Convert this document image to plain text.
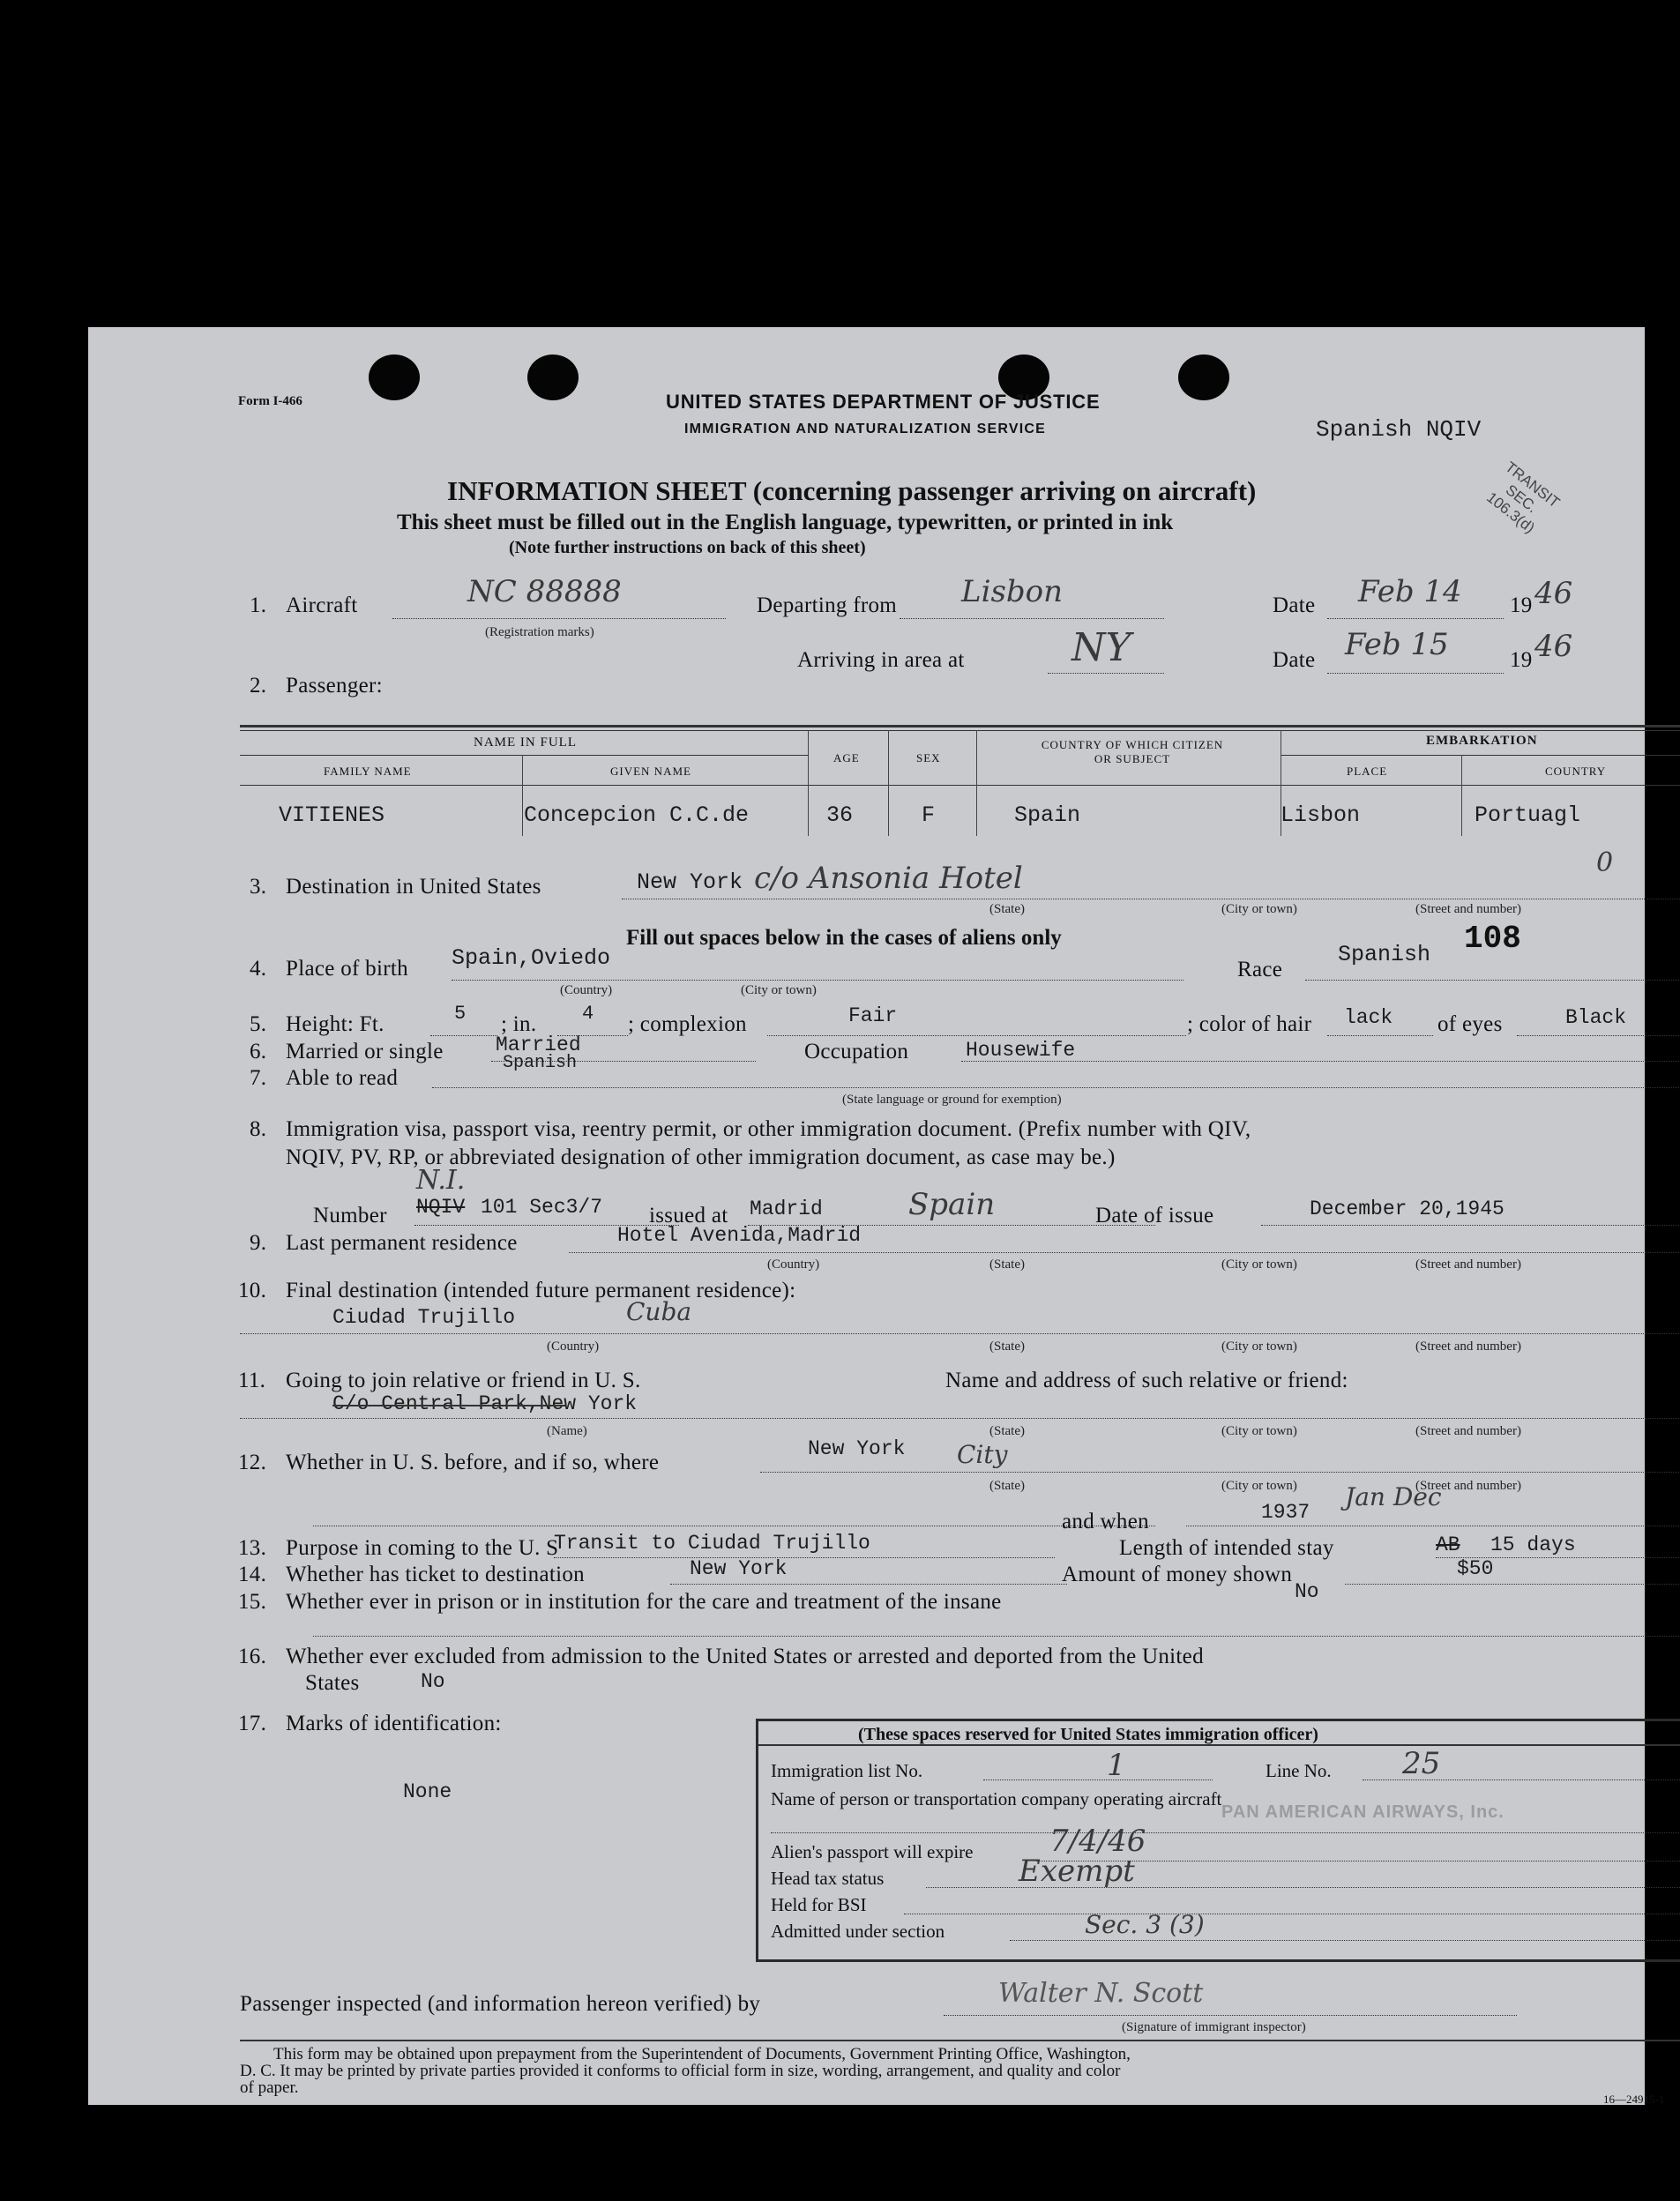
Form I-466	UNITED STATES DEPARTMENT OF JUSTICE
IMMIGRATION AND NATURALIZATION SERVICE	Spanish NQIV
TRANSIT SEC. 106.3(d)
INFORMATION SHEET (concerning passenger arriving on aircraft)
This sheet must be filled out in the English language, typewritten, or printed in ink
(Note further instructions on back of this sheet)
1. Aircraft	NC 88888
(Registration marks)
Departing from Lisbon	Date Feb 14 19 46
Arriving in area at	NY	Date Feb 15	19 46
2. Passenger:
NAME IN FULL
FAMILY NAME	GIVEN NAME
AGE	SEX
COUNTRY OF WHICH CITIZEN
OR SUBJECT
EMBARKATION
PLACE	COUNTRY
VITIENES	Concepcion C.C.de	36	F	Spain	Lisbon	Portuagl
3. Destination in United States	New York c/o Ansonia Hotel
(State)	(City or town)	(Street and number)
0
Fill out spaces below in the cases of aliens only	108
4. Place of birth Spain,Oviedo
(Country)	(City or town)
Race
Spanish
5. Height: Ft.	5 ; in. 4 ; complexion	Fair	; color of hair lack of eyes	Black
6. Married or single	Married	Occupation	Housewife
7. Able to read
Spanish
(State language or ground for exemption)
8. Immigration visa, passport visa, reentry permit, or other immigration document. (Prefix number with QIV,
NQIV, PV, RP, or abbreviated designation of other immigration document, as case may be.)
Number
N.I.
NQIV 101 Sec3/7 issued at Madrid	Spain	Date of issue	December 20,1945
9. Last permanent residence	Hotel Avenida,Madrid
(Country)	(State)	(City or town)	(Street and number)
10. Final destination (intended future permanent residence):
Ciudad Trujillo	Cuba
(Country)	(State)	(City or town)	(Street and number)
11. Going to join relative or friend in U. S.	Name and address of such relative or friend:
C/o Central Park,New York
(Name)	(State)	(City or town)	(Street and number)
12. Whether in U. S. before, and if so, where
New York City
(State)	(City or town)	(Street and number)
and when	1937
Jan Dec
13. Purpose in coming to the U. S
Transit to Ciudad Trujillo	Length of intended stay	AB 15 days
14. Whether has ticket to destination	New York	Amount of money shown	$50
15. Whether ever in prison or in institution for the care and treatment of the insane	No
16. Whether ever excluded from admission to the United States or arrested and deported from the United
States	No
17. Marks of identification:
None
(These spaces reserved for United States immigration officer)
Immigration list No.	1	Line No. 25
Name of person or transportation company operating aircraft
PAN AMERICAN AIRWAYS, Inc.
Alien's passport will expire	7/4/46
Head tax status	Exempt
Held for BSI
Admitted under section	Sec. 3 (3)
Passenger inspected (and information hereon verified) by	Walter N. Scott
(Signature of immigrant inspector)
This form may be obtained upon prepayment from the Superintendent of Documents, Government Printing Office, Washington,
D. C. It may be printed by private parties provided it conforms to official form in size, wording, arrangement, and quality and color
of paper.
16—24915-1
